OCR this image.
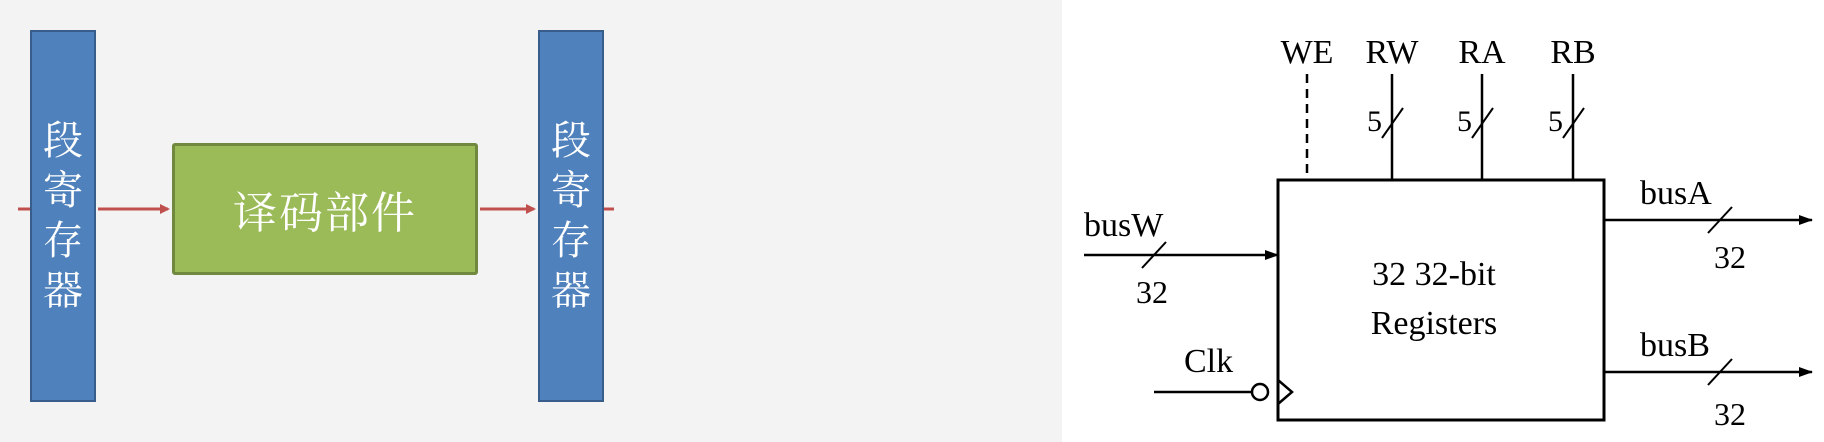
段
寄
存
器
译码部件
段
寄
存
器	32 32-bit
Registers
WE RW
5
RA
5
RB
5
busW
32
Clk
busA
32
busB
32
